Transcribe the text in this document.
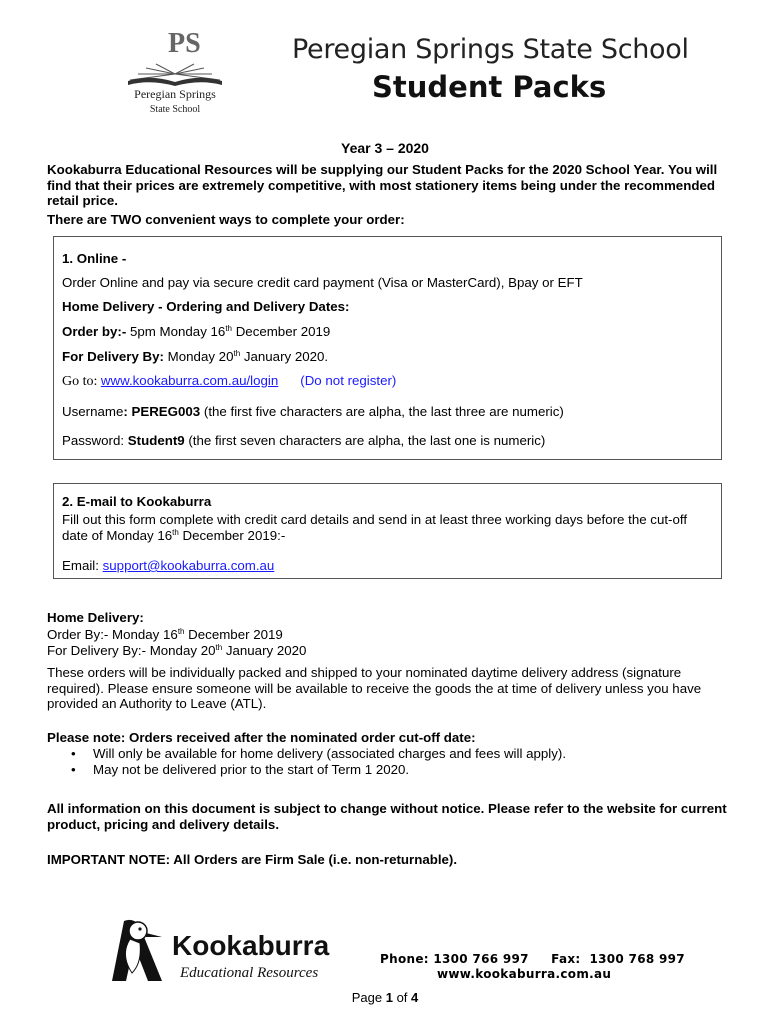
PS
Peregian Springs
State School
Peregian Springs State School
Student Packs
Year 3 – 2020
Kookaburra Educational Resources will be supplying our Student Packs for the 2020 School Year. You will find that their prices are extremely competitive, with most stationery items being under the recommended retail price.
There are TWO convenient ways to complete your order:
1. Online -
Order Online and pay via secure credit card payment (Visa or MasterCard), Bpay or EFT
Home Delivery - Ordering and Delivery Dates:
Order by:- 5pm Monday 16th December 2019
For Delivery By: Monday 20th January 2020.
Go to: www.kookaburra.com.au/login (Do not register)
Username: PEREG003 (the first five characters are alpha, the last three are numeric)
Password: Student9 (the first seven characters are alpha, the last one is numeric)
2. E-mail to Kookaburra
Fill out this form complete with credit card details and send in at least three working days before the cut-off
date of Monday 16th December 2019:-
Email: support@kookaburra.com.au
Home Delivery:
Order By:- Monday 16th December 2019
For Delivery By:- Monday 20th January 2020
These orders will be individually packed and shipped to your nominated daytime delivery address (signature required). Please ensure someone will be available to receive the goods the at time of delivery unless you have provided an Authority to Leave (ATL).
Please note: Orders received after the nominated order cut-off date:
• Will only be available for home delivery (associated charges and fees will apply).
• May not be delivered prior to the start of Term 1 2020.
All information on this document is subject to change without notice. Please refer to the website for current product, pricing and delivery details.
IMPORTANT NOTE: All Orders are Firm Sale (i.e. non-returnable).
Kookaburra
Educational Resources
Phone: 1300 766 997     Fax:  1300 768 997
www.kookaburra.com.au
Page 1 of 4
